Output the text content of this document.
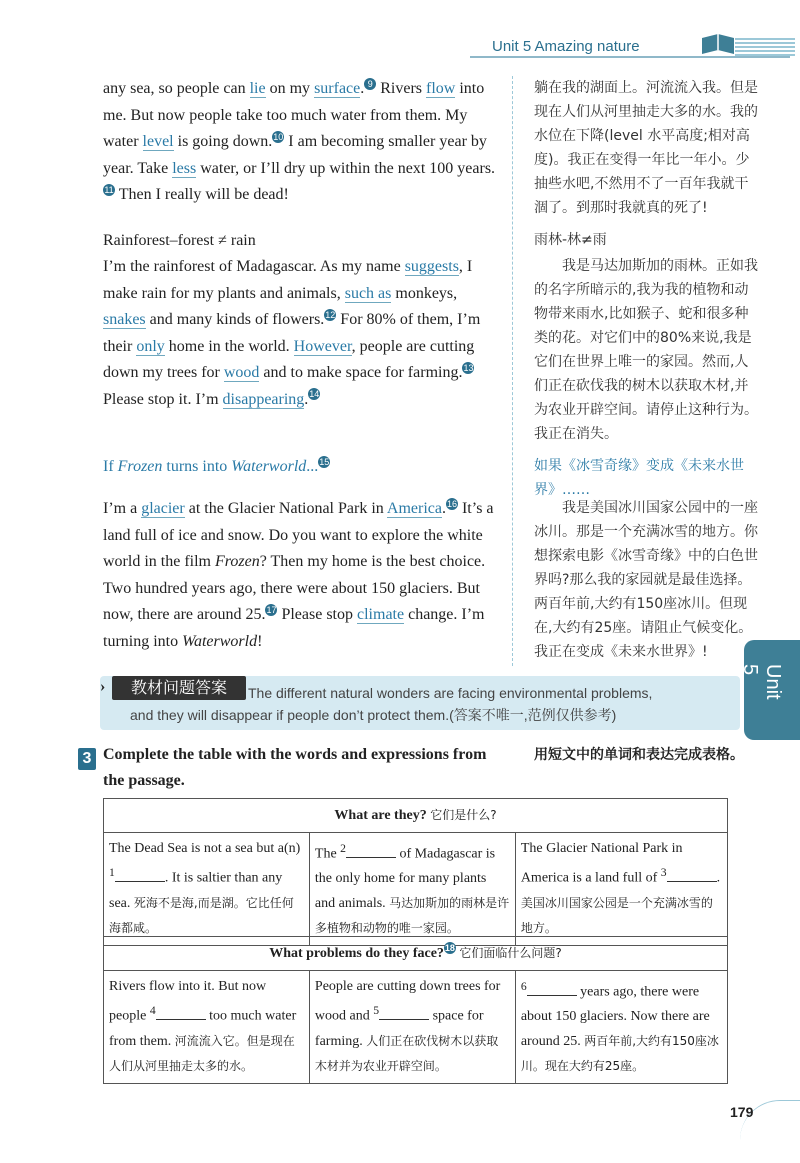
Unit 5 Amazing nature
any sea, so people can lie on my surface. 9 Rivers flow into me. But now people take too much water from them. My water level is going down.10 I am becoming smaller year by year. Take less water, or I’ll dry up within the next 100 years.11 Then I really will be dead!
Rainforest–forest ≠ rain
I’m the rainforest of Madagascar. As my name suggests, I make rain for my plants and animals, such as monkeys, snakes and many kinds of flowers.12 For 80% of them, I’m their only home in the world. However, people are cutting down my trees for wood and to make space for farming.13 Please stop it. I’m disappearing.14
If Frozen turns into Waterworld...15
I’m a glacier at the Glacier National Park in America.16 It’s a land full of ice and snow. Do you want to explore the white world in the film Frozen? Then my home is the best choice. Two hundred years ago, there were about 150 glaciers. But now, there are around 25.17 Please stop climate change. I’m turning into Waterworld!
躺在我的湖面上。河流流入我。但是现在人们从河里抽走大多的水。我的水位在下降(level 水平高度;相对高度)。我正在变得一年比一年小。少抽些水吧,不然用不了一百年我就干涸了。到那时我就真的死了!
雨林-林≠雨
我是马达加斯加的雨林。正如我的名字所暗示的,我为我的植物和动物带来雨水,比如猴子、蛇和很多种类的花。对它们中的80%来说,我是它们在世界上唯一的家园。然而,人们正在砍伐我的树木以获取木材,并为农业开辟空间。请停止这种行为。我正在消失。
如果《冰雪奇缘》变成《未来水世界》……
我是美国冰川国家公园中的一座冰川。那是一个充满冰雪的地方。你想探索电影《冰雪奇缘》中的白色世界吗?那么我的家园就是最佳选择。两百年前,大约有150座冰川。但现在,大约有25座。请阻止气候变化。我正在变成《未来水世界》!
Unit 5
›	教材问题答案	The different natural wonders are facing environmental problems,
and they will disappear if people don’t protect them.(答案不唯一,范例仅供参考)
3 Complete the table with the words and expressions from the passage.
用短文中的单词和表达完成表格。
What are they? 它们是什么?
The Dead Sea is not a sea but a(n) $^1$	. It is saltier than any sea. 死海不是海,而是湖。它比任何海都咸。	The $^2$	of Madagascar is the only home for many plants and animals. 马达加斯加的雨林是许多植物和动物的唯一家园。	The Glacier National Park in America is a land full of $^3$	. 美国冰川国家公园是一个充满冰雪的地方。
What problems do they face?18 它们面临什么问题?
Rivers flow into it. But now people $^4$	too much water from them. 河流流入它。但是现在人们从河里抽走太多的水。	People are cutting down trees for wood and $^5$	space for farming. 人们正在砍伐树木以获取木材并为农业开辟空间。	$^6$	years ago, there were about 150 glaciers. Now there are around 25. 两百年前,大约有150座冰川。现在大约有25座。
179
